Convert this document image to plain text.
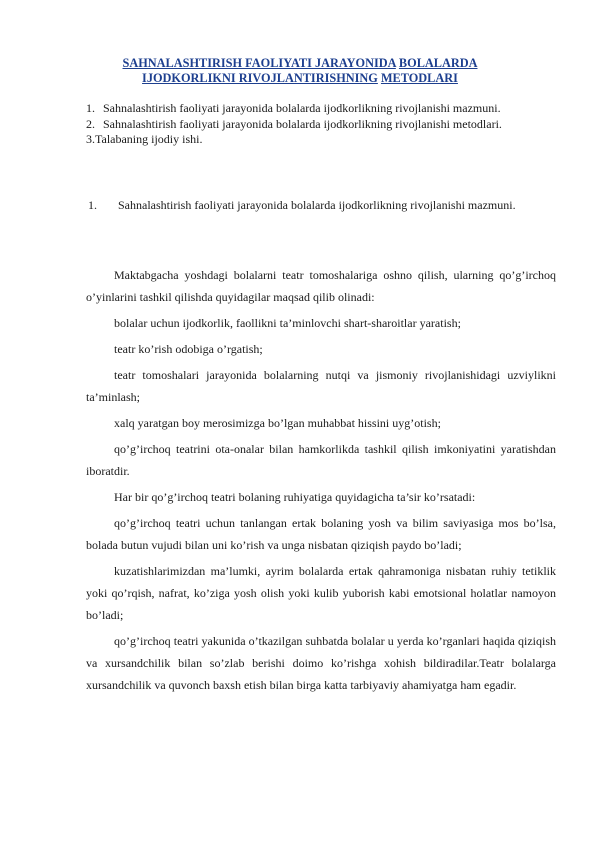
SAHNALASHTIRISH FAOLIYATI JARAYONIDA BOLALARDA
IJODKORLIKNI RIVOJLANTIRISHNING METODLARI
1. Sahnalashtirish faoliyati jarayonida bolalarda ijodkorlikning rivojlanishi mazmuni.
2. Sahnalashtirish faoliyati jarayonida bolalarda ijodkorlikning rivojlanishi metodlari.
3.Talabaning ijodiy ishi.
1. Sahnalashtirish faoliyati jarayonida bolalarda ijodkorlikning rivojlanishi mazmuni.

Maktabgacha yoshdagi bolalarni teatr tomoshalariga oshno qilish, ularning qo’g’irchoq o’yinlarini tashkil qilishda quyidagilar maqsad qilib olinadi:

bolalar uchun ijodkorlik, faollikni ta’minlovchi shart-sharoitlar yaratish;

teatr ko’rish odobiga o’rgatish;

teatr tomoshalari jarayonida bolalarning nutqi va jismoniy rivojlanishidagi uzviylikni ta’minlash;

xalq yaratgan boy merosimizga bo’lgan muhabbat hissini uyg’otish;

qo’g’irchoq teatrini ota-onalar bilan hamkorlikda tashkil qilish imkoniyatini yaratishdan iboratdir.

Har bir qo’g’irchoq teatri bolaning ruhiyatiga quyidagicha ta’sir ko’rsatadi:

qo’g’irchoq teatri uchun tanlangan ertak bolaning yosh va bilim saviyasiga mos bo’lsa, bolada butun vujudi bilan uni ko’rish va unga nisbatan qiziqish paydo bo’ladi;

kuzatishlarimizdan ma’lumki, ayrim bolalarda ertak qahramoniga nisbatan ruhiy tetiklik yoki qo’rqish, nafrat, ko’ziga yosh olish yoki kulib yuborish kabi emotsional holatlar namoyon bo’ladi;

qo’g’irchoq teatri yakunida o’tkazilgan suhbatda bolalar u yerda ko’rganlari haqida qiziqish va xursandchilik bilan so’zlab berishi doimo ko’rishga xohish bildiradilar.Teatr bolalarga xursandchilik va quvonch baxsh etish bilan birga katta tarbiyaviy ahamiyatga ham egadir.
